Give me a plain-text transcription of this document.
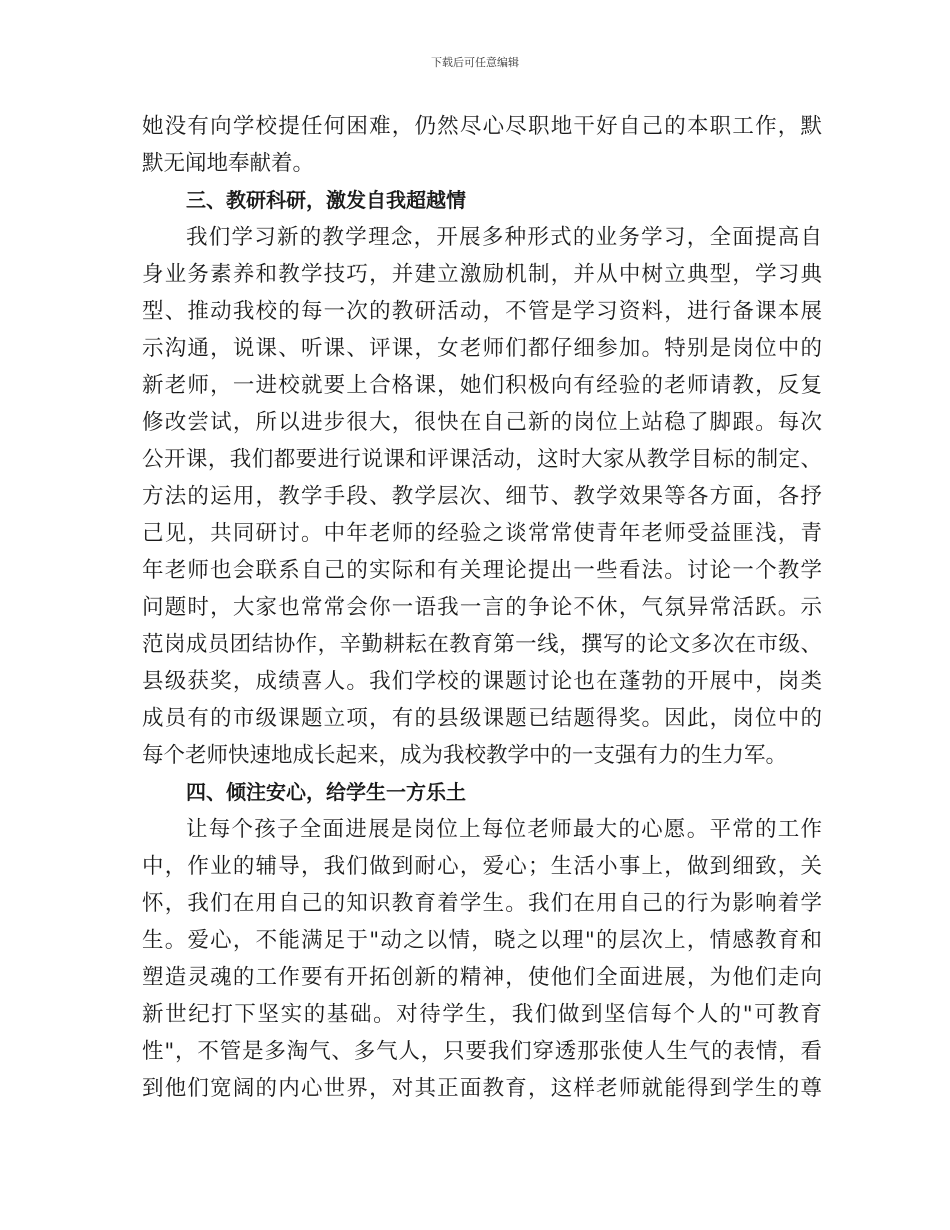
下载后可任意编辑

她没有向学校提任何困难，仍然尽心尽职地干好自己的本职工作，默
默无闻地奉献着。
三、教研科研，激发自我超越情
我们学习新的教学理念，开展多种形式的业务学习，全面提高自
身业务素养和教学技巧，并建立激励机制，并从中树立典型，学习典
型、推动我校的每一次的教研活动，不管是学习资料，进行备课本展
示沟通，说课、听课、评课，女老师们都仔细参加。特别是岗位中的
新老师，一进校就要上合格课，她们积极向有经验的老师请教，反复
修改尝试，所以进步很大，很快在自己新的岗位上站稳了脚跟。每次
公开课，我们都要进行说课和评课活动，这时大家从教学目标的制定、
方法的运用，教学手段、教学层次、细节、教学效果等各方面，各抒
己见，共同研讨。中年老师的经验之谈常常使青年老师受益匪浅，青
年老师也会联系自己的实际和有关理论提出一些看法。讨论一个教学
问题时，大家也常常会你一语我一言的争论不休，气氛异常活跃。示
范岗成员团结协作，辛勤耕耘在教育第一线，撰写的论文多次在市级、
县级获奖，成绩喜人。我们学校的课题讨论也在蓬勃的开展中，岗类
成员有的市级课题立项，有的县级课题已结题得奖。因此，岗位中的
每个老师快速地成长起来，成为我校教学中的一支强有力的生力军。
四、倾注安心，给学生一方乐土
让每个孩子全面进展是岗位上每位老师最大的心愿。平常的工作
中，作业的辅导，我们做到耐心，爱心；生活小事上，做到细致，关
怀，我们在用自己的知识教育着学生。我们在用自己的行为影响着学
生。爱心，不能满足于"动之以情，晓之以理"的层次上，情感教育和
塑造灵魂的工作要有开拓创新的精神，使他们全面进展，为他们走向
新世纪打下坚实的基础。对待学生，我们做到坚信每个人的"可教育
性"，不管是多淘气、多气人，只要我们穿透那张使人生气的表情，看
到他们宽阔的内心世界，对其正面教育，这样老师就能得到学生的尊
